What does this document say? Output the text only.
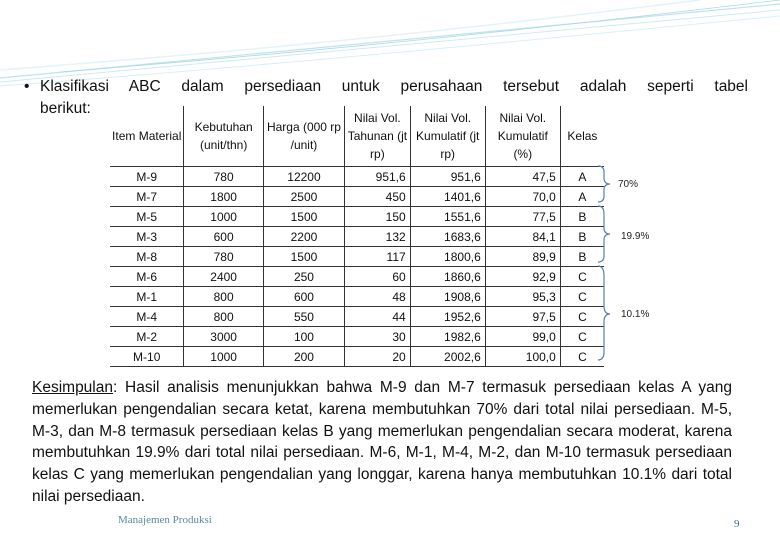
• Klasifikasi ABC dalam persediaan untuk perusahaan tersebut adalah seperti tabel
berikut:
Item Material	Kebutuhan (unit/thn)	Harga (000 rp /unit)	Nilai Vol. Tahunan (jt rp)	Nilai Vol. Kumulatif (jt rp)	Nilai Vol. Kumulatif (%)	Kelas
M-9	780	12200	951,6	951,6	47,5	A
M-7	1800	2500	450	1401,6	70,0	A
M-5	1000	1500	150	1551,6	77,5	B
M-3	600	2200	132	1683,6	84,1	B
M-8	780	1500	117	1800,6	89,9	B
M-6	2400	250	60	1860,6	92,9	C
M-1	800	600	48	1908,6	95,3	C
M-4	800	550	44	1952,6	97,5	C
M-2	3000	100	30	1982,6	99,0	C
M-10	1000	200	20	2002,6	100,0	C
70%
19.9%
10.1%
Kesimpulan: Hasil analisis menunjukkan bahwa M-9 dan M-7 termasuk persediaan kelas A yang memerlukan pengendalian secara ketat, karena membutuhkan 70% dari total nilai persediaan. M-5, M-3, dan M-8 termasuk persediaan kelas B yang memerlukan pengendalian secara moderat, karena membutuhkan 19.9% dari total nilai persediaan. M-6, M-1, M-4, M-2, dan M-10 termasuk persediaan kelas C yang memerlukan pengendalian yang longgar, karena hanya membutuhkan 10.1% dari total nilai persediaan.
Manajemen Produksi	9
